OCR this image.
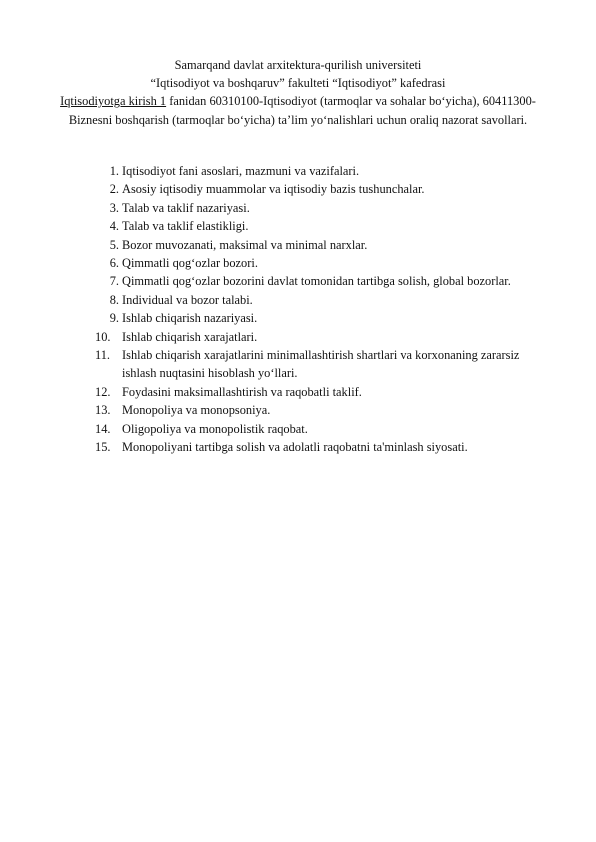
Samarqand davlat arxitektura-qurilish universiteti

“Iqtisodiyot va boshqaruv” fakulteti “Iqtisodiyot” kafedrasi

Iqtisodiyotga kirish 1 fanidan 60310100-Iqtisodiyot (tarmoqlar va sohalar bo‘yicha), 60411300-Biznesni boshqarish (tarmoqlar bo‘yicha) ta’lim yo‘nalishlari uchun oraliq nazorat savollari.

1. Iqtisodiyot fani asoslari, mazmuni va vazifalari.
2. Asosiy iqtisodiy muammolar va iqtisodiy bazis tushunchalar.
3. Talab va taklif nazariyasi.
4. Talab va taklif elastikligi.
5. Bozor muvozanati, maksimal va minimal narxlar.
6. Qimmatli qog‘ozlar bozori.
7. Qimmatli qog‘ozlar bozorini davlat tomonidan tartibga solish, global bozorlar.
8. Individual va bozor talabi.
9. Ishlab chiqarish nazariyasi.
10. Ishlab chiqarish xarajatlari.
11. Ishlab chiqarish xarajatlarini minimallashtirish shartlari va korxonaning zararsiz ishlash nuqtasini hisoblash yo‘llari.
12. Foydasini maksimallashtirish va raqobatli taklif.
13. Monopoliya va monopsoniya.
14. Oligopoliya va monopolistik raqobat.
15. Monopoliyani tartibga solish va adolatli raqobatni ta'minlash siyosati.
